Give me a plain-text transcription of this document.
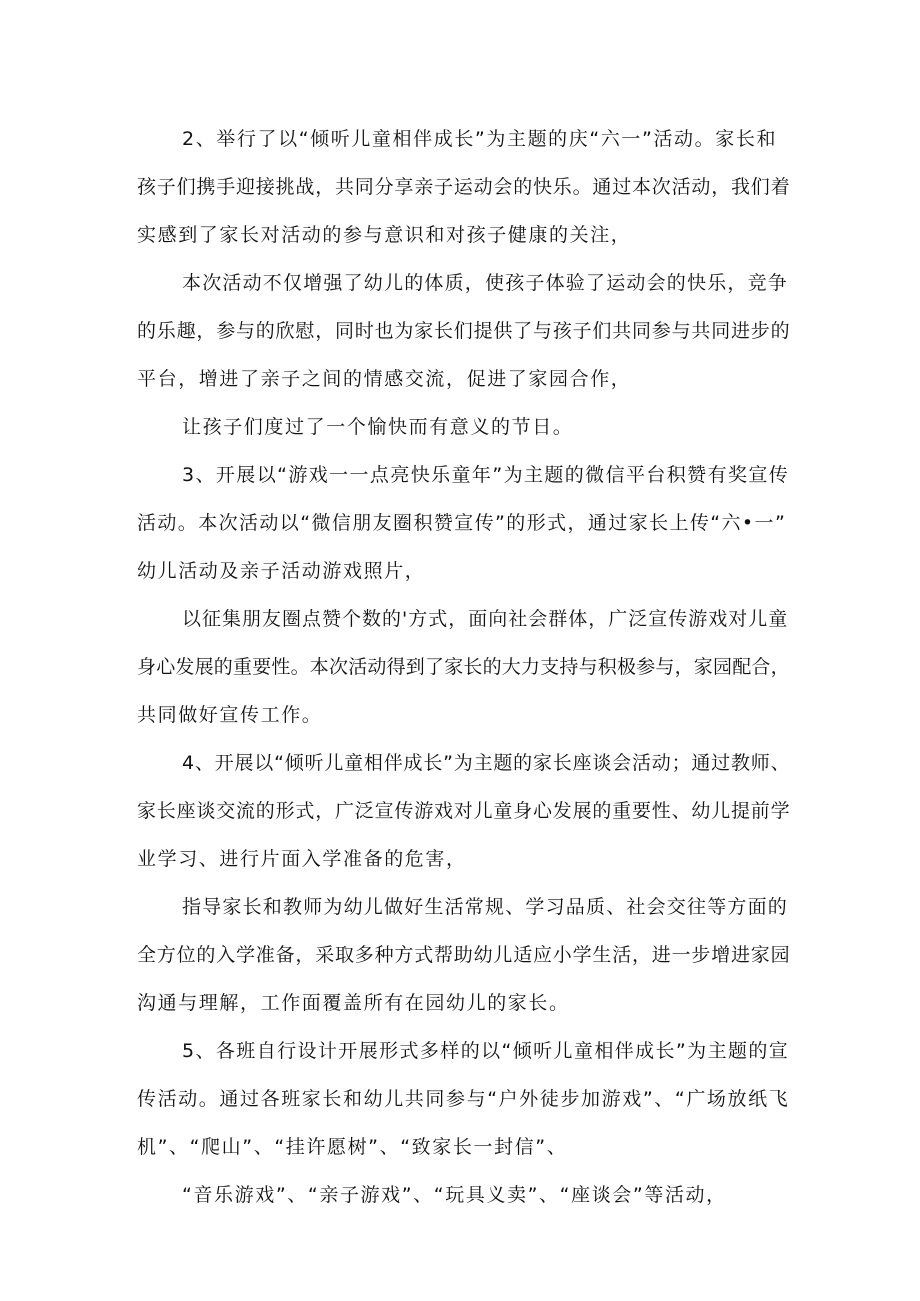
2、举行了以“倾听儿童相伴成长”为主题的庆“六一”活动。家长和

孩子们携手迎接挑战，共同分享亲子运动会的快乐。通过本次活动，我们着

实感到了家长对活动的参与意识和对孩子健康的关注，

本次活动不仅增强了幼儿的体质，使孩子体验了运动会的快乐，竞争

的乐趣，参与的欣慰，同时也为家长们提供了与孩子们共同参与共同进步的

平台，增进了亲子之间的情感交流，促进了家园合作，

让孩子们度过了一个愉快而有意义的节日。

3、开展以“游戏一一点亮快乐童年”为主题的微信平台积赞有奖宣传

活动。本次活动以“微信朋友圈积赞宣传”的形式，通过家长上传“六•一”

幼儿活动及亲子活动游戏照片，

以征集朋友圈点赞个数的'方式，面向社会群体，广泛宣传游戏对儿童

身心发展的重要性。本次活动得到了家长的大力支持与积极参与，家园配合，

共同做好宣传工作。

4、开展以“倾听儿童相伴成长”为主题的家长座谈会活动；通过教师、

家长座谈交流的形式，广泛宣传游戏对儿童身心发展的重要性、幼儿提前学

业学习、进行片面入学准备的危害，

指导家长和教师为幼儿做好生活常规、学习品质、社会交往等方面的

全方位的入学准备，采取多种方式帮助幼儿适应小学生活，进一步增进家园

沟通与理解，工作面覆盖所有在园幼儿的家长。

5、各班自行设计开展形式多样的以“倾听儿童相伴成长”为主题的宣

传活动。通过各班家长和幼儿共同参与“户外徒步加游戏”、“广场放纸飞

机”、“爬山”、“挂许愿树”、“致家长一封信”、

“音乐游戏”、“亲子游戏”、“玩具义卖”、“座谈会”等活动，
